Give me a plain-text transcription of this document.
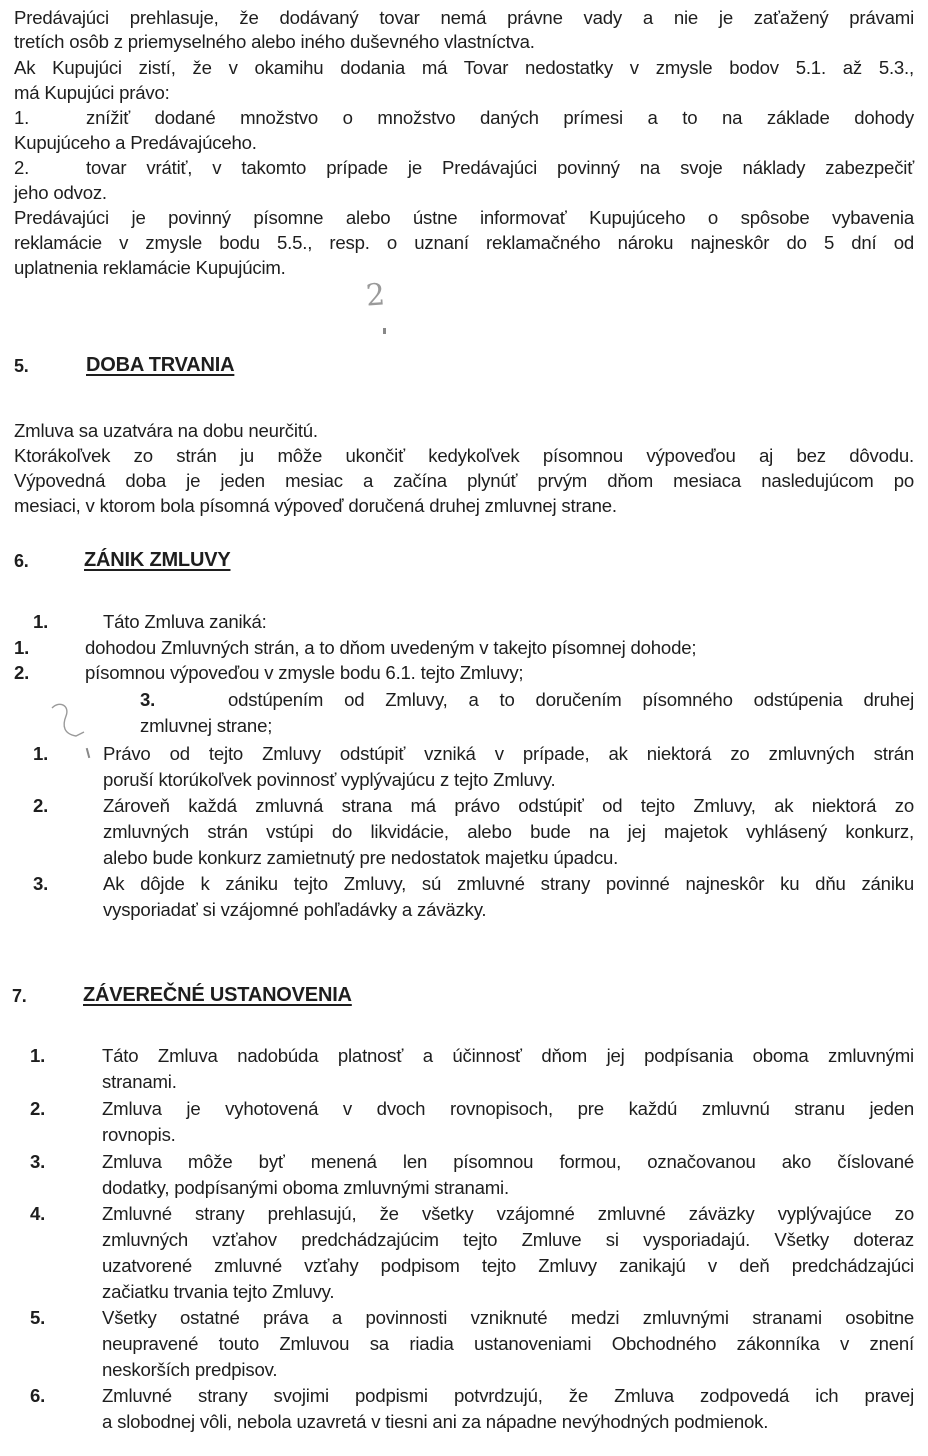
Predávajúci prehlasuje, že dodávaný tovar nemá právne vady a nie je zaťažený právami
tretích osôb z priemyselného alebo iného duševného vlastníctva.
Ak Kupujúci zistí, že v okamihu dodania má Tovar nedostatky v zmysle bodov 5.1. až 5.3.,
má Kupujúci právo:
1.	znížiť dodané množstvo o množstvo daných prímesi a to na základe dohody
Kupujúceho a Predávajúceho.
2.	tovar vrátiť, v takomto prípade je Predávajúci povinný na svoje náklady zabezpečiť
jeho odvoz.
Predávajúci je povinný písomne alebo ústne informovať Kupujúceho o spôsobe vybavenia
reklamácie v zmysle bodu 5.5., resp. o uznaní reklamačného nároku najneskôr do 5 dní od
uplatnenia reklamácie Kupujúcim.
2
5.	DOBA TRVANIA
Zmluva sa uzatvára na dobu neurčitú.
Ktorákoľvek zo strán ju môže ukončiť kedykoľvek písomnou výpoveďou aj bez dôvodu.
Výpovedná doba je jeden mesiac a začína plynúť prvým dňom mesiaca nasledujúcom po
mesiaci, v ktorom bola písomná výpoveď doručená druhej zmluvnej strane.
6.	ZÁNIK ZMLUVY
1.	Táto Zmluva zaniká:
1.	dohodou Zmluvných strán, a to dňom uvedeným v takejto písomnej dohode;
2.	písomnou výpoveďou v zmysle bodu 6.1. tejto Zmluvy;
3.	odstúpením od Zmluvy, a to doručením písomného odstúpenia druhej
zmluvnej strane;
1.	Právo od tejto Zmluvy odstúpiť vzniká v prípade, ak niektorá zo zmluvných strán
poruší ktorúkoľvek povinnosť vyplývajúcu z tejto Zmluvy.
2.	Zároveň každá zmluvná strana má právo odstúpiť od tejto Zmluvy, ak niektorá zo
zmluvných strán vstúpi do likvidácie, alebo bude na jej majetok vyhlásený konkurz,
alebo bude konkurz zamietnutý pre nedostatok majetku úpadcu.
3.	Ak dôjde k zániku tejto Zmluvy, sú zmluvné strany povinné najneskôr ku dňu zániku
vysporiadať si vzájomné pohľadávky a záväzky.
7.	ZÁVEREČNÉ USTANOVENIA
1.	Táto Zmluva nadobúda platnosť a účinnosť dňom jej podpísania oboma zmluvnými
stranami.
2.	Zmluva je vyhotovená v dvoch rovnopisoch, pre každú zmluvnú stranu jeden
rovnopis.
3.	Zmluva môže byť menená len písomnou formou, označovanou ako číslované
dodatky, podpísanými oboma zmluvnými stranami.
4.	Zmluvné strany prehlasujú, že všetky vzájomné zmluvné záväzky vyplývajúce zo
zmluvných vzťahov predchádzajúcim tejto Zmluve si vysporiadajú. Všetky doteraz
uzatvorené zmluvné vzťahy podpisom tejto Zmluvy zanikajú v deň predchádzajúci
začiatku trvania tejto Zmluvy.
5.	Všetky ostatné práva a povinnosti vzniknuté medzi zmluvnými stranami osobitne
neupravené touto Zmluvou sa riadia ustanoveniami Obchodného zákonníka v znení
neskorších predpisov.
6.	Zmluvné strany svojimi podpismi potvrdzujú, že Zmluva zodpovedá ich pravej
a slobodnej vôli, nebola uzavretá v tiesni ani za nápadne nevýhodných podmienok.
